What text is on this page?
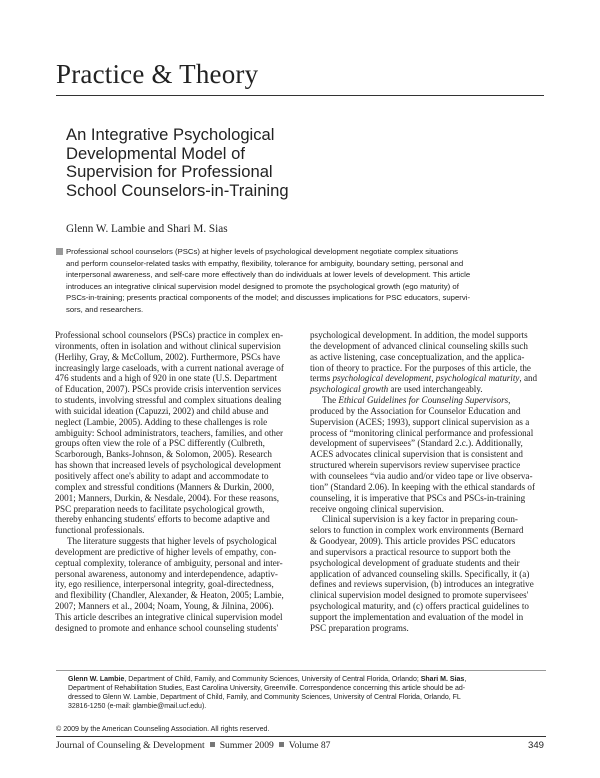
Practice & Theory
An Integrative Psychological
Developmental Model of
Supervision for Professional
School Counselors-in-Training
Glenn W. Lambie and Shari M. Sias
Professional school counselors (PSCs) at higher levels of psychological development negotiate complex situations
and perform counselor-related tasks with empathy, flexibility, tolerance for ambiguity, boundary setting, personal and
interpersonal awareness, and self-care more effectively than do individuals at lower levels of development. This article
introduces an integrative clinical supervision model designed to promote the psychological growth (ego maturity) of
PSCs-in-training; presents practical components of the model; and discusses implications for PSC educators, supervi-
sors, and researchers.
Professional school counselors (PSCs) practice in complex en-
vironments, often in isolation and without clinical supervision
(Herlihy, Gray, & McCollum, 2002). Furthermore, PSCs have
increasingly large caseloads, with a current national average of
476 students and a high of 920 in one state (U.S. Department
of Education, 2007). PSCs provide crisis intervention services
to students, involving stressful and complex situations dealing
with suicidal ideation (Capuzzi, 2002) and child abuse and
neglect (Lambie, 2005). Adding to these challenges is role
ambiguity: School administrators, teachers, families, and other
groups often view the role of a PSC differently (Culbreth,
Scarborough, Banks-Johnson, & Solomon, 2005). Research
has shown that increased levels of psychological development
positively affect one's ability to adapt and accommodate to
complex and stressful conditions (Manners & Durkin, 2000,
2001; Manners, Durkin, & Nesdale, 2004). For these reasons,
PSC preparation needs to facilitate psychological growth,
thereby enhancing students' efforts to become adaptive and
functional professionals.
The literature suggests that higher levels of psychological
development are predictive of higher levels of empathy, con-
ceptual complexity, tolerance of ambiguity, personal and inter-
personal awareness, autonomy and interdependence, adaptiv-
ity, ego resilience, interpersonal integrity, goal-directedness,
and flexibility (Chandler, Alexander, & Heaton, 2005; Lambie,
2007; Manners et al., 2004; Noam, Young, & Jilnina, 2006).
This article describes an integrative clinical supervision model
designed to promote and enhance school counseling students'
psychological development. In addition, the model supports
the development of advanced clinical counseling skills such
as active listening, case conceptualization, and the applica-
tion of theory to practice. For the purposes of this article, the
terms psychological development, psychological maturity, and
psychological growth are used interchangeably.
The Ethical Guidelines for Counseling Supervisors,
produced by the Association for Counselor Education and
Supervision (ACES; 1993), support clinical supervision as a
process of “monitoring clinical performance and professional
development of supervisees” (Standard 2.c.). Additionally,
ACES advocates clinical supervision that is consistent and
structured wherein supervisors review supervisee practice
with counselees “via audio and/or video tape or live observa-
tion” (Standard 2.06). In keeping with the ethical standards of
counseling, it is imperative that PSCs and PSCs-in-training
receive ongoing clinical supervision.
Clinical supervision is a key factor in preparing coun-
selors to function in complex work environments (Bernard
& Goodyear, 2009). This article provides PSC educators
and supervisors a practical resource to support both the
psychological development of graduate students and their
application of advanced counseling skills. Specifically, it (a)
defines and reviews supervision, (b) introduces an integrative
clinical supervision model designed to promote supervisees'
psychological maturity, and (c) offers practical guidelines to
support the implementation and evaluation of the model in
PSC preparation programs.
Glenn W. Lambie, Department of Child, Family, and Community Sciences, University of Central Florida, Orlando; Shari M. Sias,
Department of Rehabilitation Studies, East Carolina University, Greenville. Correspondence concerning this article should be ad-
dressed to Glenn W. Lambie, Department of Child, Family, and Community Sciences, University of Central Florida, Orlando, FL
32816-1250 (e-mail: glambie@mail.ucf.edu).
© 2009 by the American Counseling Association. All rights reserved.
Journal of Counseling & Development Summer 2009 Volume 87	349
